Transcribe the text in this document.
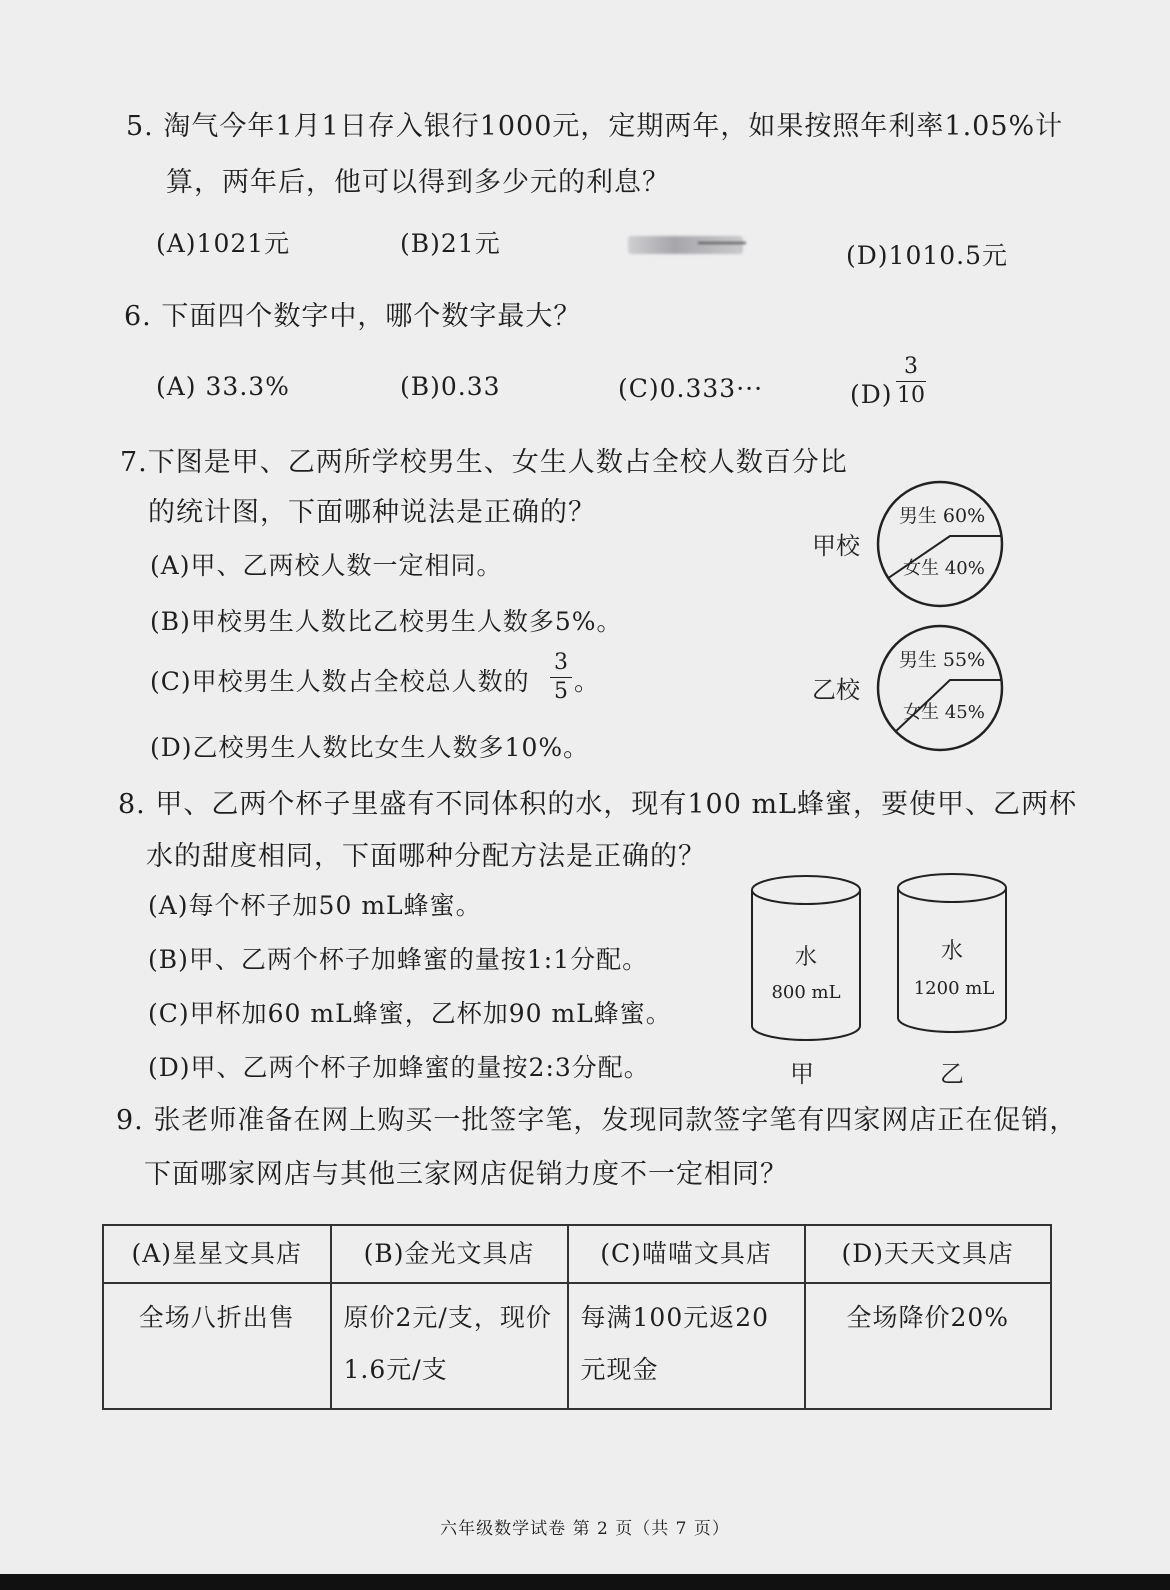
5. 淘气今年1月1日存入银行1000元，定期两年，如果按照年利率1.05%计
算，两年后，他可以得到多少元的利息？
(A)1021元	(B)21元	(D)1010.5元
6. 下面四个数字中，哪个数字最大？
(A) 33.3%	(B)0.33	(C)0.333···	(D)
3
10
7.下图是甲、乙两所学校男生、女生人数占全校人数百分比
的统计图，下面哪种说法是正确的？
(A)甲、乙两校人数一定相同。
(B)甲校男生人数比乙校男生人数多5%。
(C)甲校男生人数占全校总人数的
3
5 。
(D)乙校男生人数比女生人数多10%。
甲校
男生 60%
女生 40%
乙校
男生 55%
女生 45%
8. 甲、乙两个杯子里盛有不同体积的水，现有100 mL蜂蜜，要使甲、乙两杯
水的甜度相同，下面哪种分配方法是正确的？
(A)每个杯子加50 mL蜂蜜。
(B)甲、乙两个杯子加蜂蜜的量按1:1分配。
(C)甲杯加60 mL蜂蜜，乙杯加90 mL蜂蜜。
(D)甲、乙两个杯子加蜂蜜的量按2:3分配。
水
800 mL
甲
水
1200 mL
乙
9. 张老师准备在网上购买一批签字笔，发现同款签字笔有四家网店正在促销，
下面哪家网店与其他三家网店促销力度不一定相同？
(A)星星文具店	(B)金光文具店	(C)喵喵文具店	(D)天天文具店
全场八折出售	原价2元/支，现价1.6元/支	每满100元返20元现金	全场降价20%
六年级数学试卷 第 2 页（共 7 页）
